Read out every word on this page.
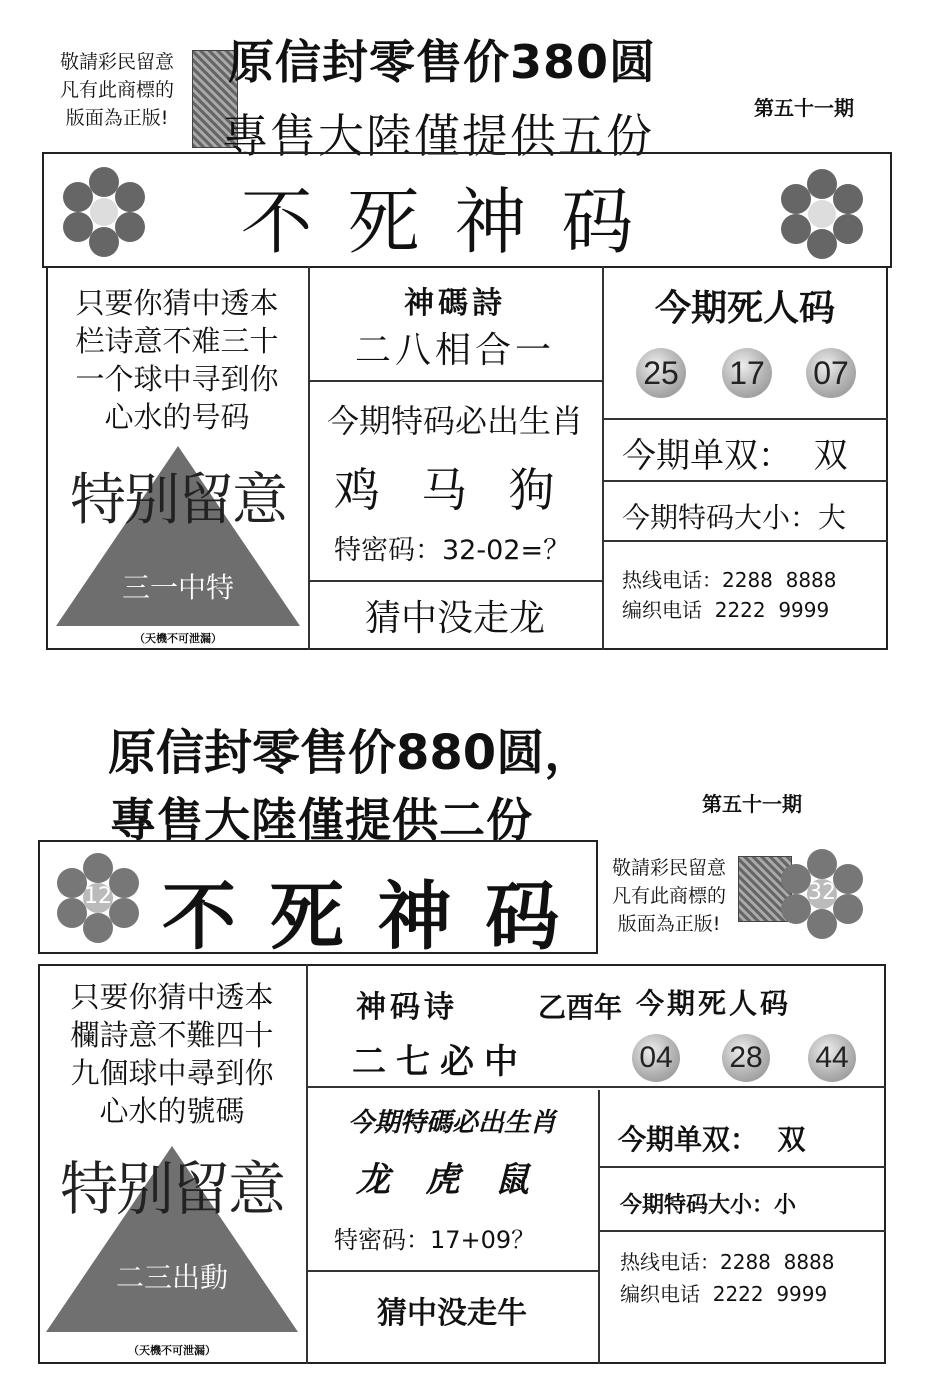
敬請彩民留意
凡有此商標的
版面為正版!
原信封零售价380圆
專售大陸僅提供五份
第五十一期
不 死 神 码
只要你猜中透本
栏诗意不难三十
一个球中寻到你
心水的号码
特别留意
三一中特
（天機不可泄漏）
神碼詩
二八相合一
今期特码必出生肖
鸡  马  狗
特密码：32-02=？
猜中没走龙
今期死人码
25 17 07
今期单双：  双
今期特码大小：大
热线电话：2288  8888
编织电话  2222  9999
原信封零售价880圆，
專售大陸僅提供二份	第五十一期
12 不 死 神 码
敬請彩民留意
凡有此商標的
版面為正版!
32
只要你猜中透本
欄詩意不難四十
九個球中尋到你
心水的號碼
特别留意
二三出動
（天機不可泄漏）
神码诗	乙酉年 今期死人码
二七必中	04 28 44
今期特碼必出生肖
龙   虎   鼠
特密码：17+09？
猜中没走牛
今期单双：  双
今期特码大小：小
热线电话：2288  8888
编织电话  2222  9999
